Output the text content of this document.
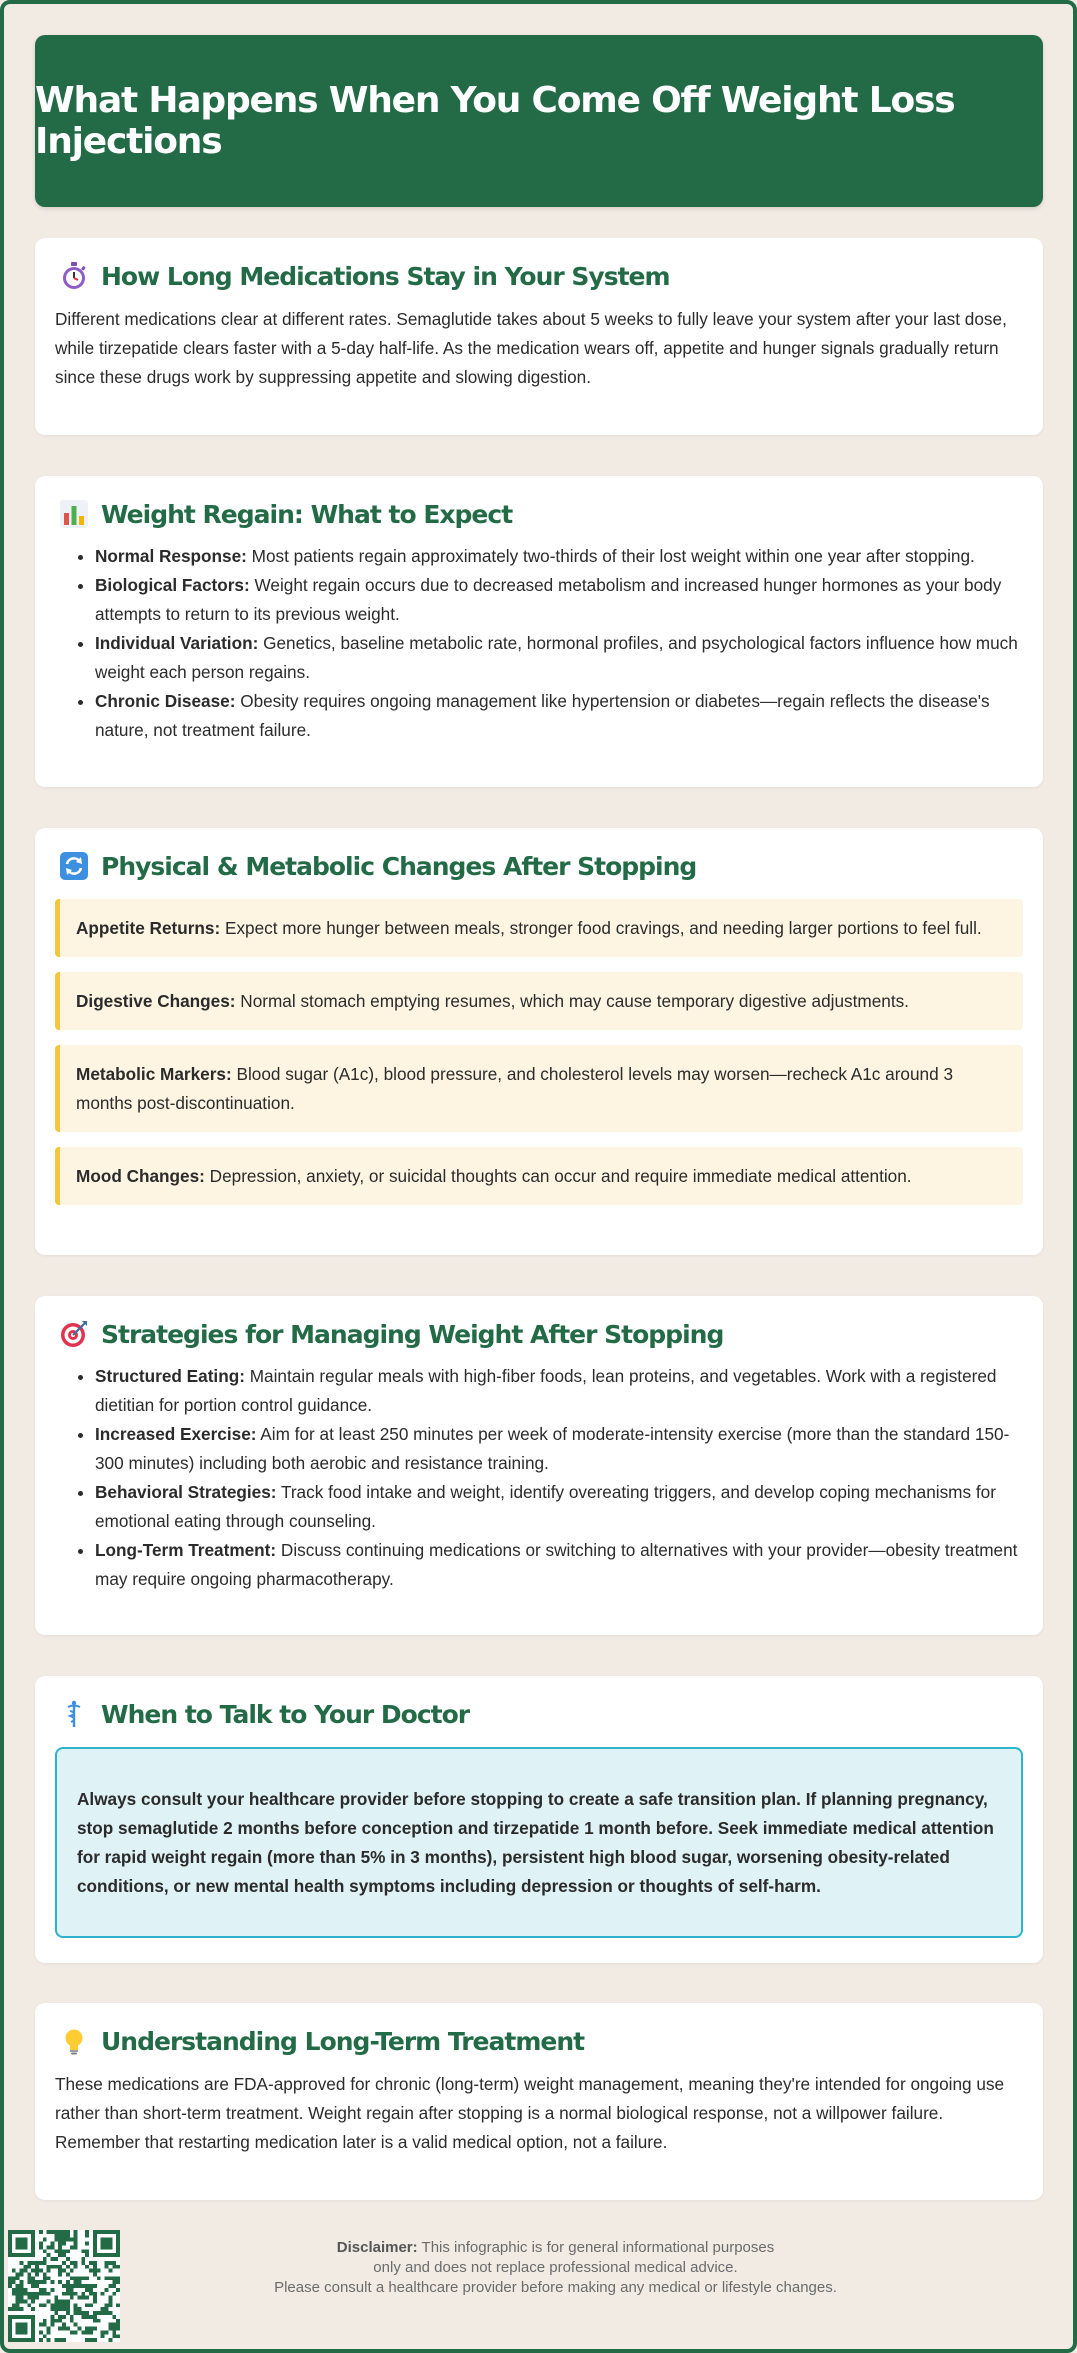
What Happens When You Come Off Weight Loss Injections
How Long Medications Stay in Your System

Different medications clear at different rates. Semaglutide takes about 5 weeks to fully leave your system after your last dose, while tirzepatide clears faster with a 5-day half-life. As the medication wears off, appetite and hunger signals gradually return since these drugs work by suppressing appetite and slowing digestion.

Weight Regain: What to Expect
• Normal Response: Most patients regain approximately two-thirds of their lost weight within one year after stopping.
• Biological Factors: Weight regain occurs due to decreased metabolism and increased hunger hormones as your body attempts to return to its previous weight.
• Individual Variation: Genetics, baseline metabolic rate, hormonal profiles, and psychological factors influence how much weight each person regains.
• Chronic Disease: Obesity requires ongoing management like hypertension or diabetes—regain reflects the disease's nature, not treatment failure.
Physical & Metabolic Changes After Stopping
Appetite Returns: Expect more hunger between meals, stronger food cravings, and needing larger portions to feel full.
Digestive Changes: Normal stomach emptying resumes, which may cause temporary digestive adjustments.
Metabolic Markers: Blood sugar (A1c), blood pressure, and cholesterol levels may worsen—recheck A1c around 3 months post-discontinuation.
Mood Changes: Depression, anxiety, or suicidal thoughts can occur and require immediate medical attention.
Strategies for Managing Weight After Stopping
• Structured Eating: Maintain regular meals with high-fiber foods, lean proteins, and vegetables. Work with a registered dietitian for portion control guidance.
• Increased Exercise: Aim for at least 250 minutes per week of moderate-intensity exercise (more than the standard 150-300 minutes) including both aerobic and resistance training.
• Behavioral Strategies: Track food intake and weight, identify overeating triggers, and develop coping mechanisms for emotional eating through counseling.
• Long-Term Treatment: Discuss continuing medications or switching to alternatives with your provider—obesity treatment may require ongoing pharmacotherapy.
When to Talk to Your Doctor
Always consult your healthcare provider before stopping to create a safe transition plan. If planning pregnancy, stop semaglutide 2 months before conception and tirzepatide 1 month before. Seek immediate medical attention for rapid weight regain (more than 5% in 3 months), persistent high blood sugar, worsening obesity-related conditions, or new mental health symptoms including depression or thoughts of self-harm.
Understanding Long-Term Treatment

These medications are FDA-approved for chronic (long-term) weight management, meaning they're intended for ongoing use rather than short-term treatment. Weight regain after stopping is a normal biological response, not a willpower failure. Remember that restarting medication later is a valid medical option, not a failure.

Disclaimer: This infographic is for general informational purposes
only and does not replace professional medical advice.
Please consult a healthcare provider before making any medical or lifestyle changes.
